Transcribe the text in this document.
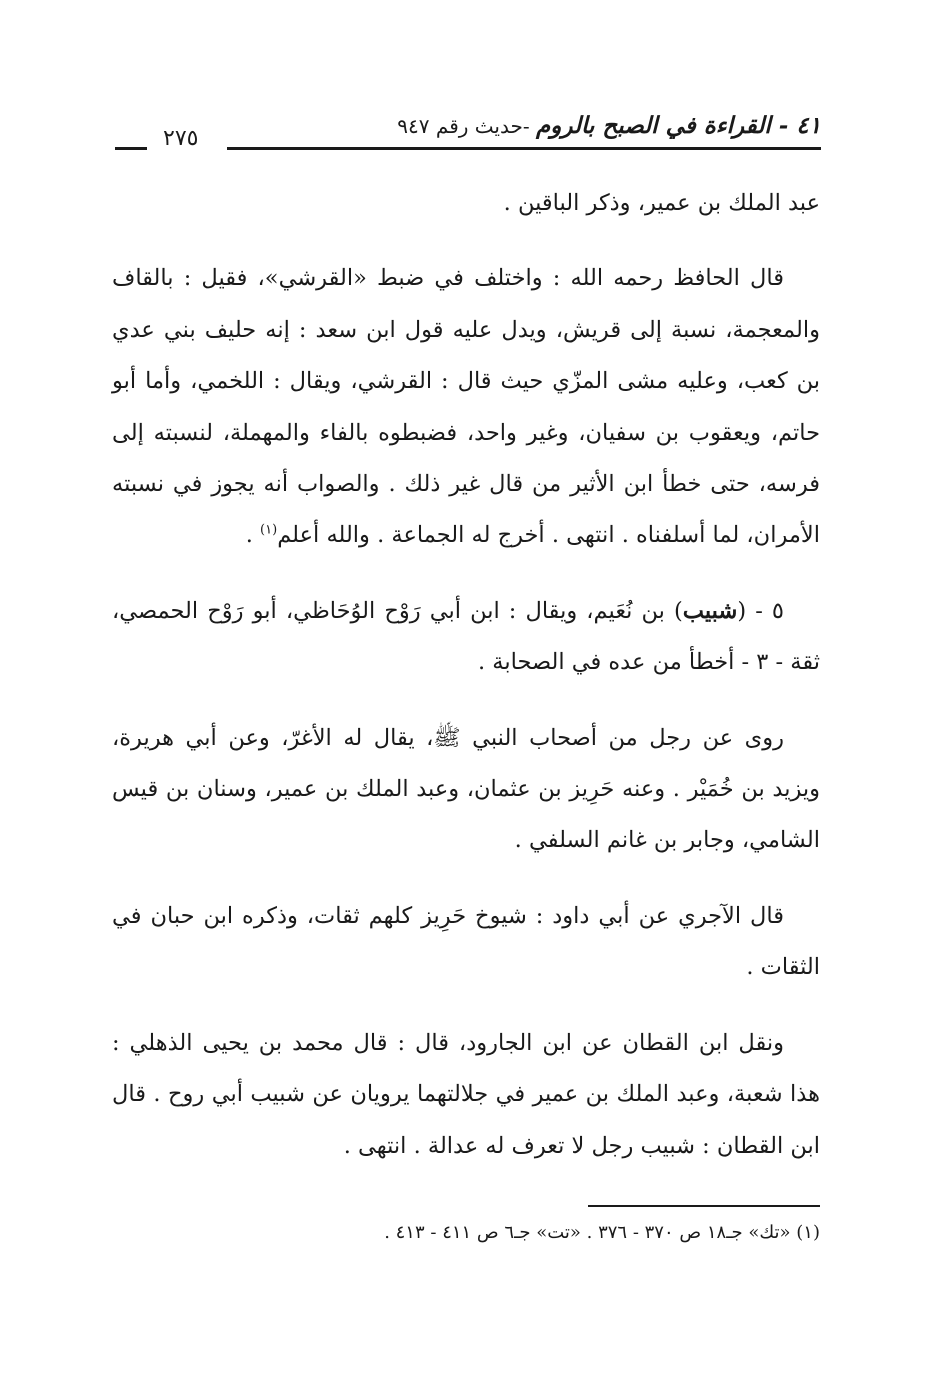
٤١ - القراءة في الصبح بالروم -حديث رقم ٩٤٧
٢٧٥

عبد الملك بن عمير، وذكر الباقين .

قال الحافظ رحمه الله : واختلف في ضبط «القرشي»، فقيل : بالقاف والمعجمة، نسبة إلى قريش، ويدل عليه قول ابن سعد : إنه حليف بني عدي بن كعب، وعليه مشى المزّي حيث قال : القرشي، ويقال : اللخمي، وأما أبو حاتم، ويعقوب بن سفيان، وغير واحد، فضبطوه بالفاء والمهملة، لنسبته إلى فرسه، حتى خطأ ابن الأثير من قال غير ذلك . والصواب أنه يجوز في نسبته الأمران، لما أسلفناه . انتهى . أخرج له الجماعة . والله أعلم$^{(١)}$ .

٥ - (شبيب) بن نُعَيم، ويقال : ابن أبي رَوْح الوُحَاظي، أبو رَوْح الحمصي، ثقة - ٣ - أخطأ من عده في الصحابة .

روى عن رجل من أصحاب النبي ﷺ، يقال له الأغرّ، وعن أبي هريرة، ويزيد بن خُمَيْر . وعنه حَرِيز بن عثمان، وعبد الملك بن عمير، وسنان بن قيس الشامي، وجابر بن غانم السلفي .

قال الآجري عن أبي داود : شيوخ حَرِيز كلهم ثقات، وذكره ابن حبان في الثقات .

ونقل ابن القطان عن ابن الجارود، قال : قال محمد بن يحيى الذهلي : هذا شعبة، وعبد الملك بن عمير في جلالتهما يرويان عن شبيب أبي روح . قال ابن القطان : شبيب رجل لا تعرف له عدالة . انتهى .

(١) «تك» جـ١٨ ص ٣٧٠ - ٣٧٦ . «تت» جـ٦ ص ٤١١ - ٤١٣ .
